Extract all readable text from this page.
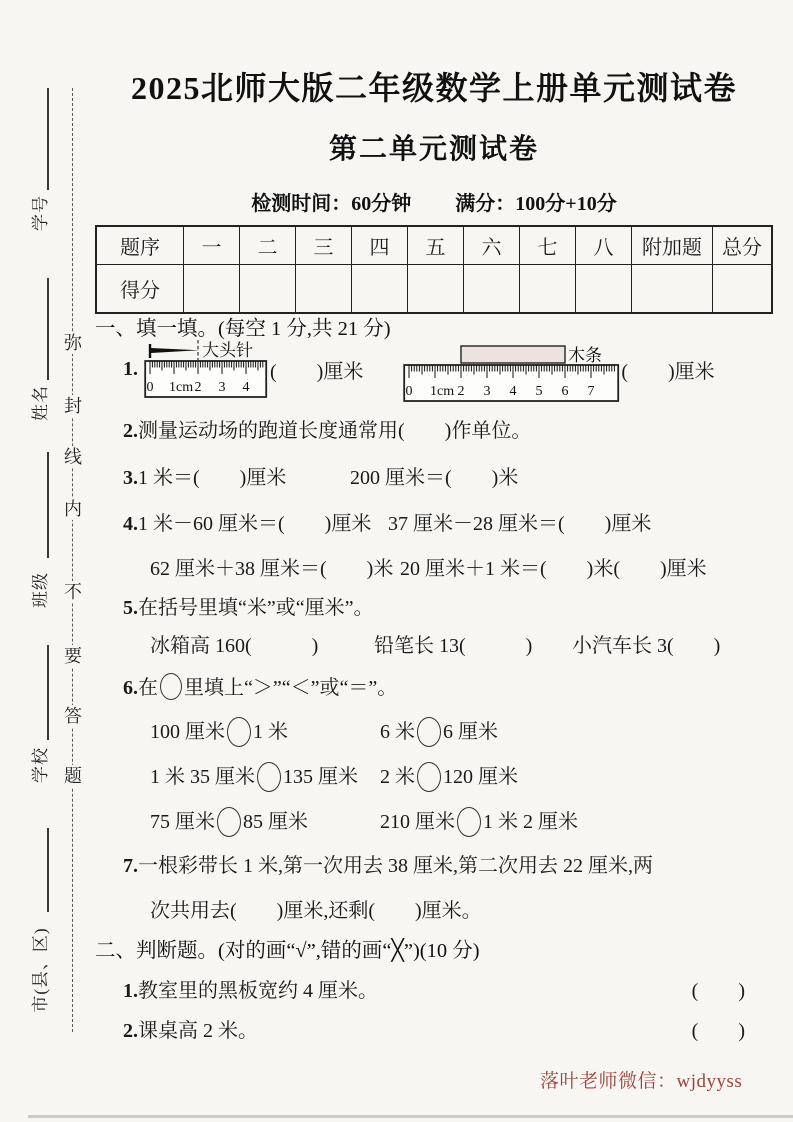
学号
姓名
班级
学校
市(县、区)
弥
封
线
内
不
要
答
题
2025北师大版二年级数学上册单元测试卷
第二单元测试卷
检测时间：60分钟 满分：100分+10分
题序	一	二	三	四	五	六	七	八	附加题	总分
得分										
一、填一填。(每空 1 分,共 21 分)
1.
大头针
0 1cm 2 3 4
(　　)厘米
木条
0 1cm 2 3 4 5 6 7
(　　)厘米
2.测量运动场的跑道长度通常用(　　)作单位。
3.1 米＝(　　)厘米	200 厘米＝(　　)米
4.1 米－60 厘米＝(　　)厘米 37 厘米－28 厘米＝(　　)厘米
62 厘米＋38 厘米＝(　　)米 20 厘米＋1 米＝(　　)米(　　)厘米
5.在括号里填“米”或“厘米”。
冰箱高 160(　　　)	铅笔长 13(　　　)	小汽车长 3(　　)
6.在 里填上“＞”“＜”或“＝”。
100 厘米 1 米	6 米 6 厘米
1 米 35 厘米 135 厘米 2 米 120 厘米
75 厘米 85 厘米	210 厘米 1 米 2 厘米
7.一根彩带长 1 米,第一次用去 38 厘米,第二次用去 22 厘米,两
次共用去(　　)厘米,还剩(　　)厘米。
二、判断题。(对的画“√”,错的画“╳”)(10 分)
1.教室里的黑板宽约 4 厘米。	(　　)
2.课桌高 2 米。	(　　)
落叶老师微信：wjdyyss
